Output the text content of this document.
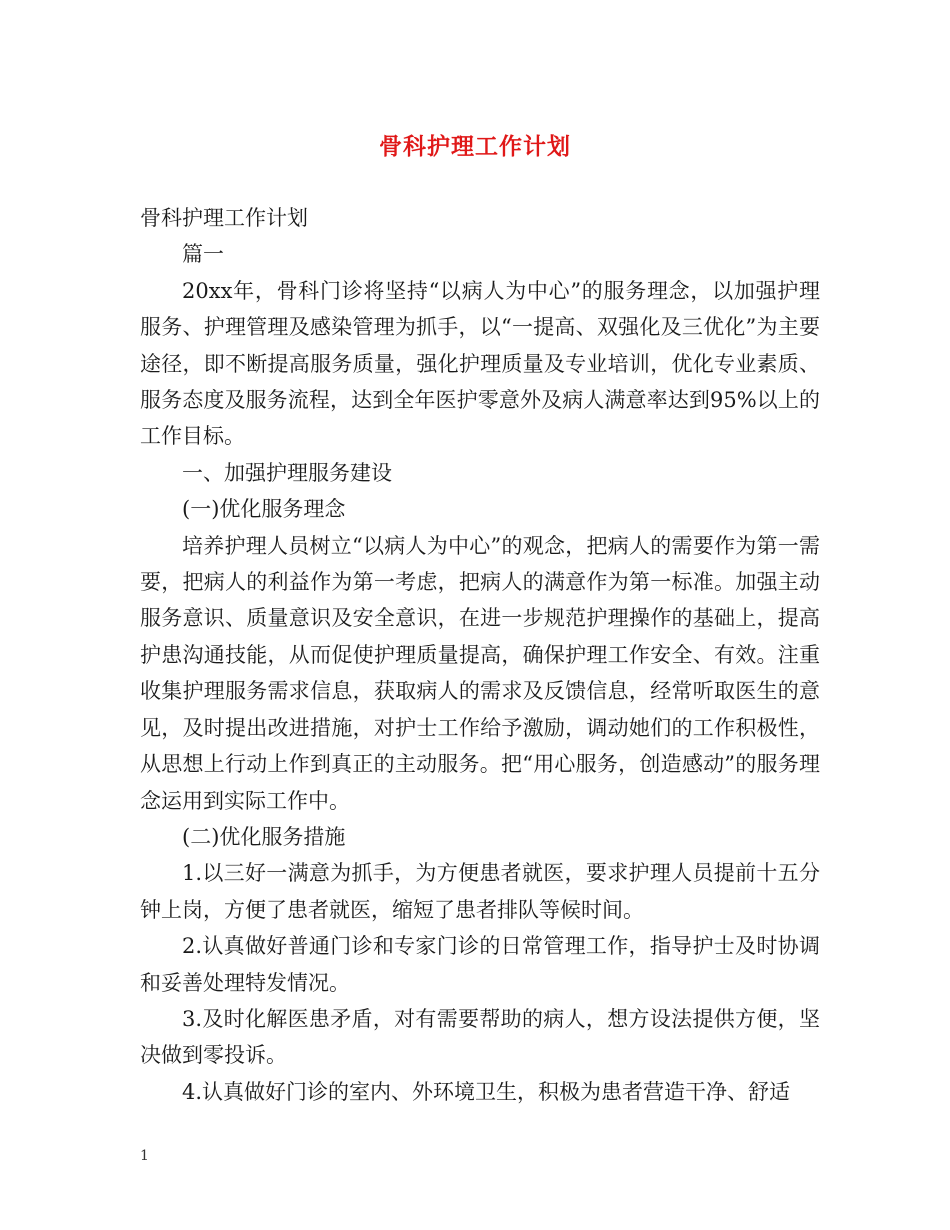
骨科护理工作计划

骨科护理工作计划

篇一

20xx年，骨科门诊将坚持“以病人为中心”的服务理念，以加强护理服务、护理管理及感染管理为抓手，以“一提高、双强化及三优化”为主要途径，即不断提高服务质量，强化护理质量及专业培训，优化专业素质、服务态度及服务流程，达到全年医护零意外及病人满意率达到95%以上的工作目标。

一、加强护理服务建设

(一)优化服务理念

培养护理人员树立“以病人为中心”的观念，把病人的需要作为第一需要，把病人的利益作为第一考虑，把病人的满意作为第一标准。加强主动服务意识、质量意识及安全意识，在进一步规范护理操作的基础上，提高护患沟通技能，从而促使护理质量提高，确保护理工作安全、有效。注重收集护理服务需求信息，获取病人的需求及反馈信息，经常听取医生的意见，及时提出改进措施，对护士工作给予激励，调动她们的工作积极性，从思想上行动上作到真正的主动服务。把“用心服务，创造感动”的服务理念运用到实际工作中。

(二)优化服务措施

1.以三好一满意为抓手，为方便患者就医，要求护理人员提前十五分钟上岗，方便了患者就医，缩短了患者排队等候时间。

2.认真做好普通门诊和专家门诊的日常管理工作，指导护士及时协调和妥善处理特发情况。

3.及时化解医患矛盾，对有需要帮助的病人，想方设法提供方便，坚决做到零投诉。

4.认真做好门诊的室内、外环境卫生，积极为患者营造干净、舒适

1
